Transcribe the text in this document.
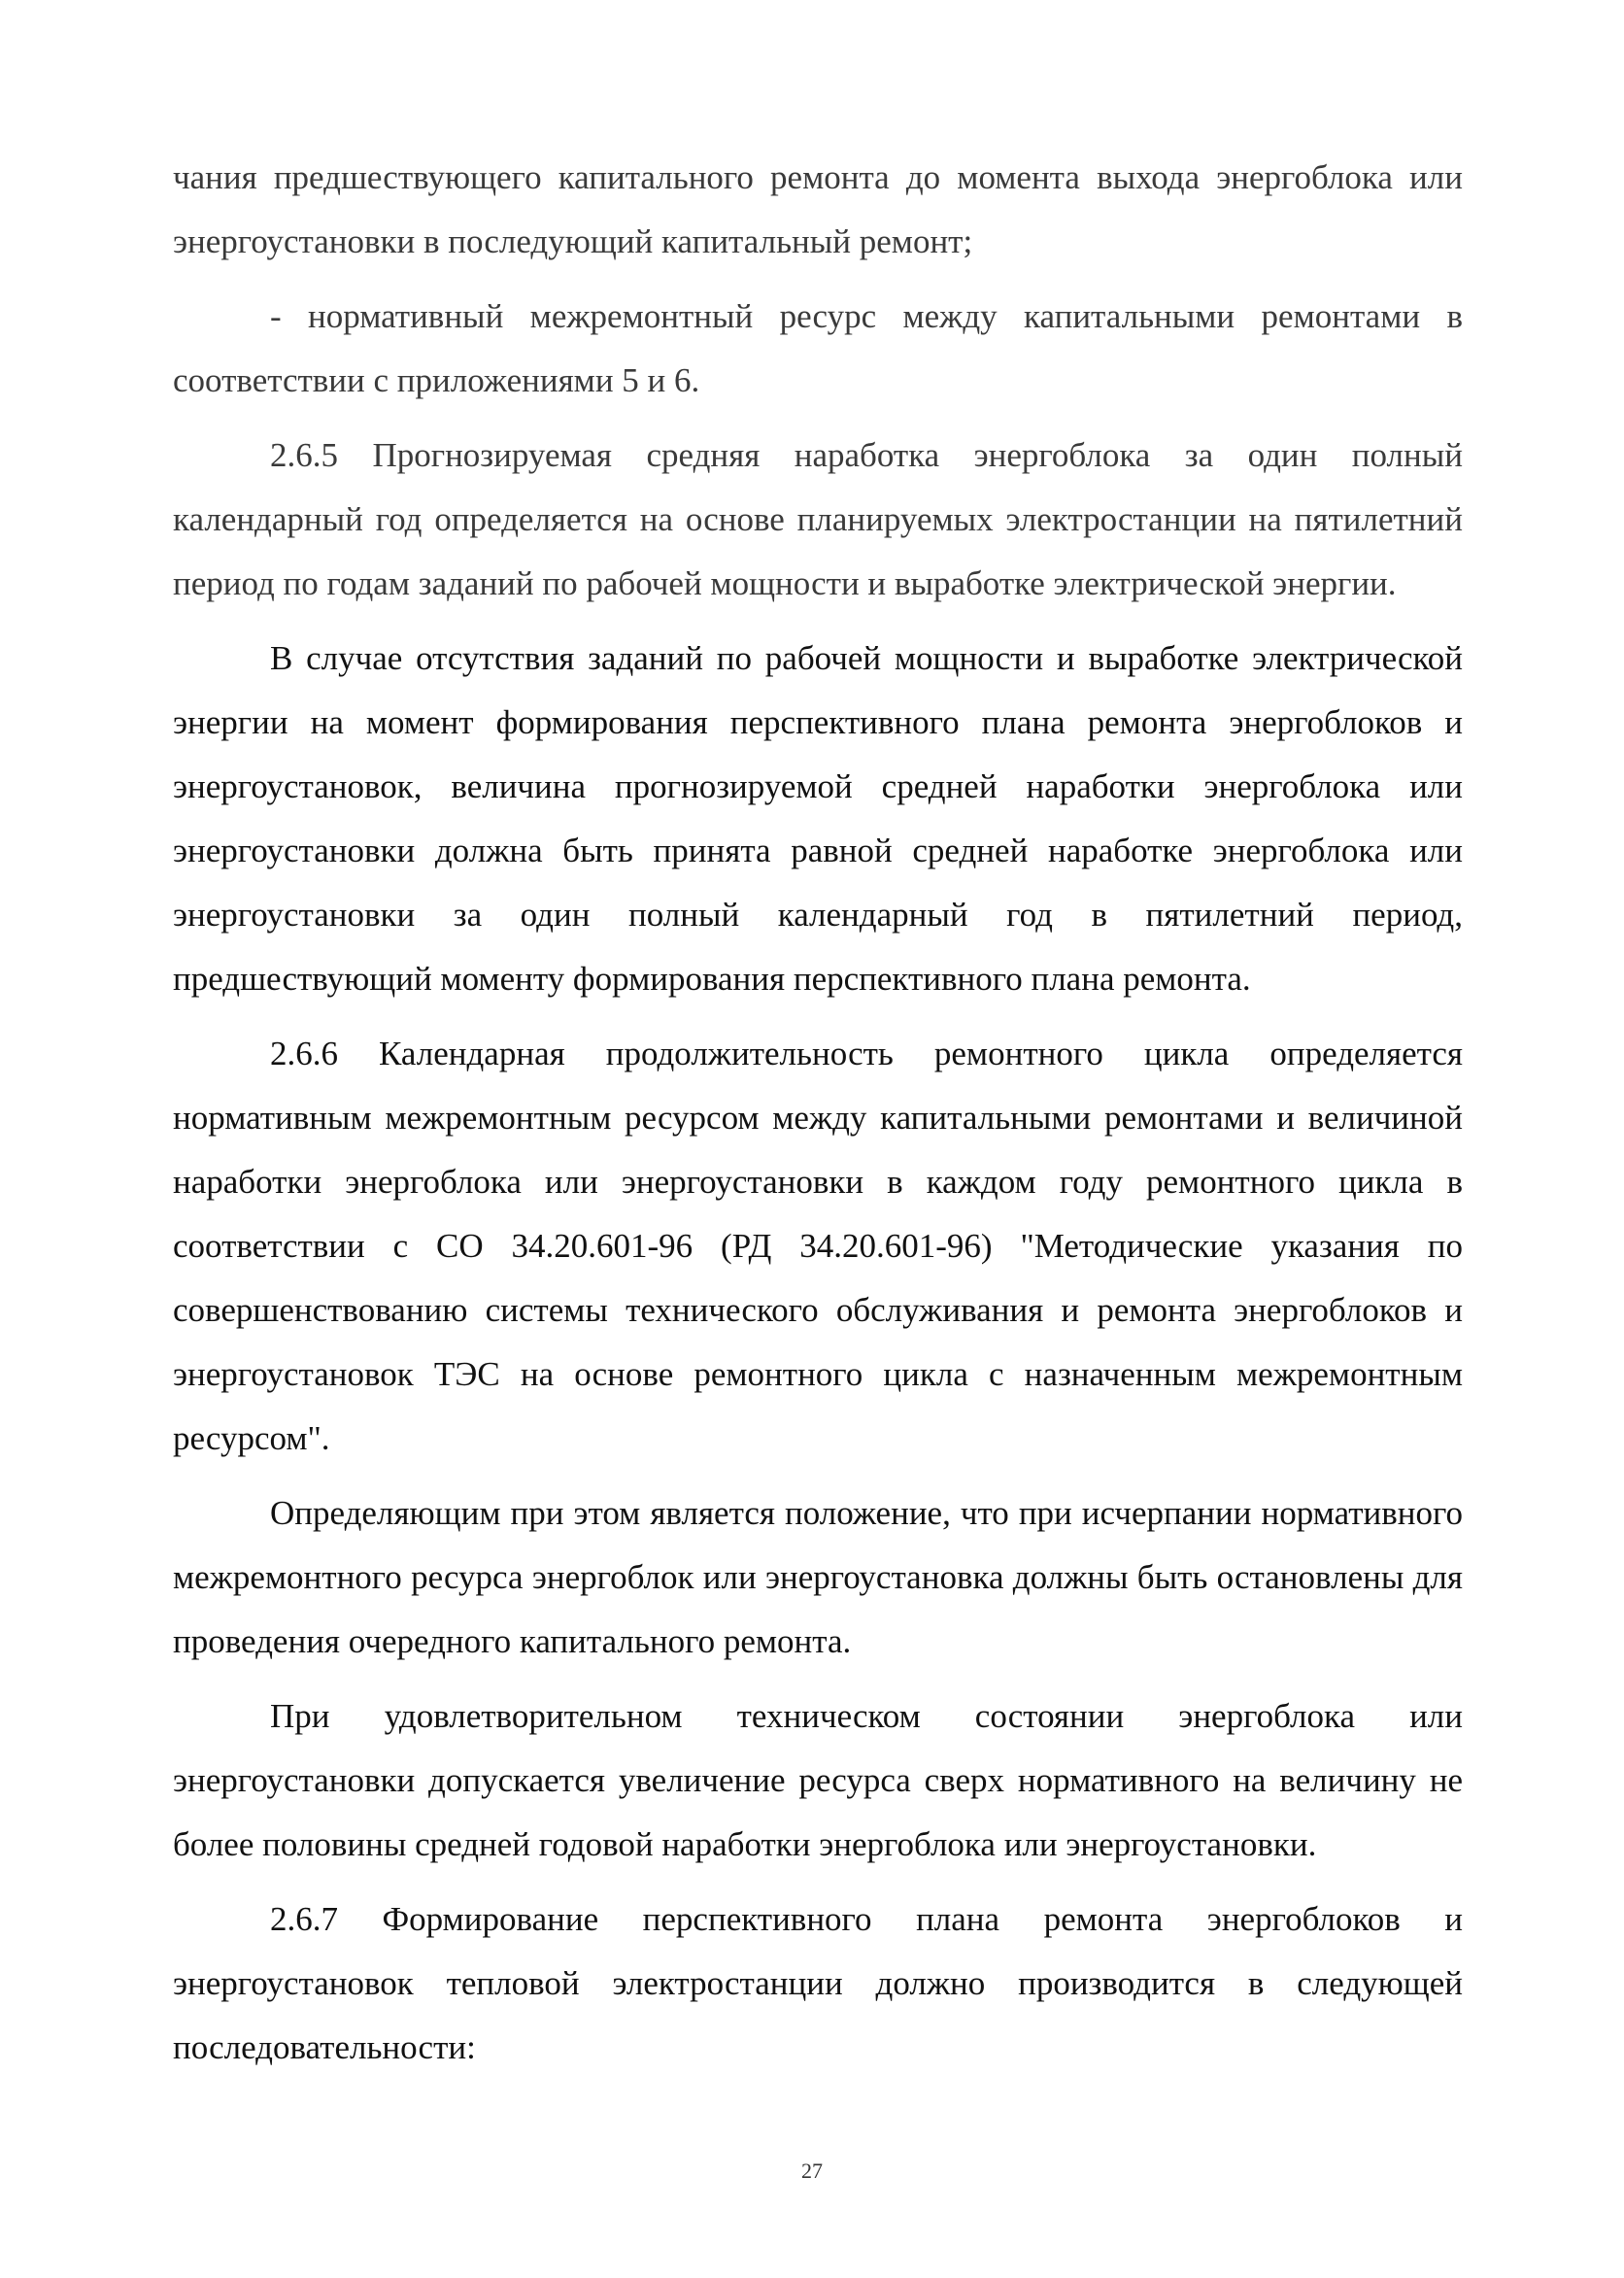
чания предшествующего капитального ремонта до момента выхода энергоблока или энергоустановки в последующий капитальный ремонт;

- нормативный межремонтный ресурс между капитальными ремонтами в соответствии с приложениями 5 и 6.

2.6.5 Прогнозируемая средняя наработка энергоблока за один полный календарный год определяется на основе планируемых электростанции на пятилетний период по годам заданий по рабочей мощности и выработке электрической энергии.

В случае отсутствия заданий по рабочей мощности и выработке электрической энергии на момент формирования перспективного плана ремонта энергоблоков и энергоустановок, величина прогнозируемой средней наработки энергоблока или энергоустановки должна быть принята равной средней наработке энергоблока или энергоустановки за один полный календарный год в пятилетний период, предшествующий моменту формирования перспективного плана ремонта.

2.6.6 Календарная продолжительность ремонтного цикла определяется нормативным межремонтным ресурсом между капитальными ремонтами и величиной наработки энергоблока или энергоустановки в каждом году ремонтного цикла в соответствии с СО 34.20.601-96 (РД 34.20.601-96) "Методические указания по совершенствованию системы технического обслуживания и ремонта энергоблоков и энергоустановок ТЭС на основе ремонтного цикла с назначенным межремонтным ресурсом".

Определяющим при этом является положение, что при исчерпании нормативного межремонтного ресурса энергоблок или энергоустановка должны быть остановлены для проведения очередного капитального ремонта.

При удовлетворительном техническом состоянии энергоблока или энергоустановки допускается увеличение ресурса сверх нормативного на величину не более половины средней годовой наработки энергоблока или энергоустановки.

2.6.7 Формирование перспективного плана ремонта энергоблоков и энергоустановок тепловой электростанции должно производится в следующей последовательности:

27
